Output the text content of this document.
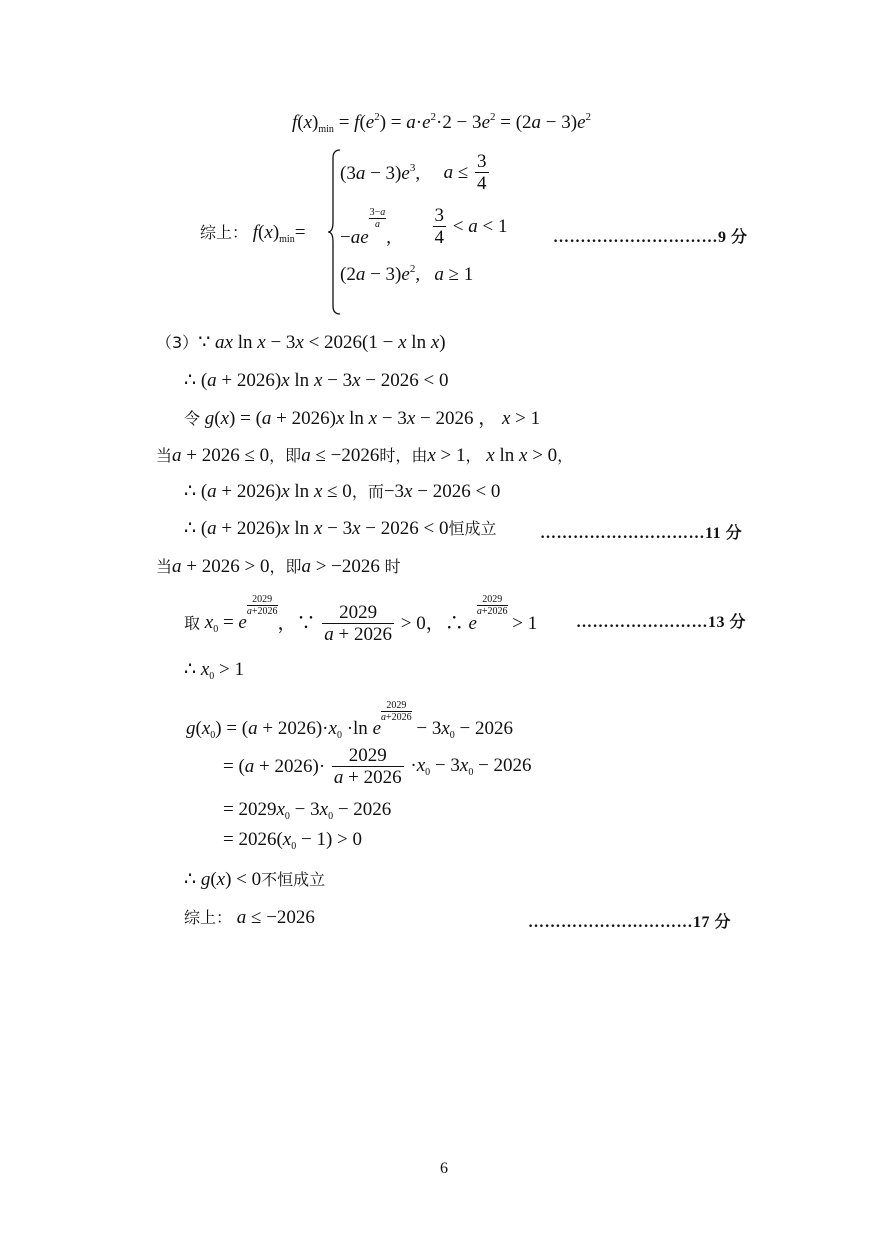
$f(x)_{min} = f(e^2) = a\cdot e^2\cdot 2 - 3e^2 = (2a - 3)e^2$
综上： $f(x)_{min}=$
$(3a - 3)e^3$, $a \le \frac{3}{4}$
−ae
$\frac{3-a}{a}$
, $\frac{3}{4} < a < 1$
…………………………9 分
$(2a - 3)e^2$,   a ≥ 1
（3）∵ ax ln x − 3x < 2026(1 − x ln x)
∴ (a + 2026)x ln x − 3x − 2026 < 0
令 g(x) = (a + 2026)x ln x − 3x − 2026 ， x > 1
当a + 2026 ≤ 0，即a ≤ −2026时，由x > 1， x ln x > 0，
∴ (a + 2026)x ln x ≤ 0，而−3x − 2026 < 0
∴ (a + 2026)x ln x − 3x − 2026 < 0恒成立	…………………………11 分
当a + 2026 > 0，即a > −2026 时
取 $x_0 = e$
$\frac{2029}{a+2026}$
，∵ $\frac{2029}{a + 2026} > 0$，∴ e
$\frac{2029}{a+2026}$
> 1 ……………………13 分
∴ $x_0 > 1$
$g(x_0) = (a + 2026)\cdot x_0 \cdot\ln$ e
$\frac{2029}{a+2026}$
− $3x_0 - 2026$
= $(a + 2026)\cdot \frac{2029}{a + 2026} \cdot x_0 - 3x_0 - 2026$
= $2029x_0 - 3x_0 - 2026$
= $2026(x_0 - 1) > 0$
∴ g(x) < 0不恒成立
综上： a ≤ −2026	…………………………17 分
6
